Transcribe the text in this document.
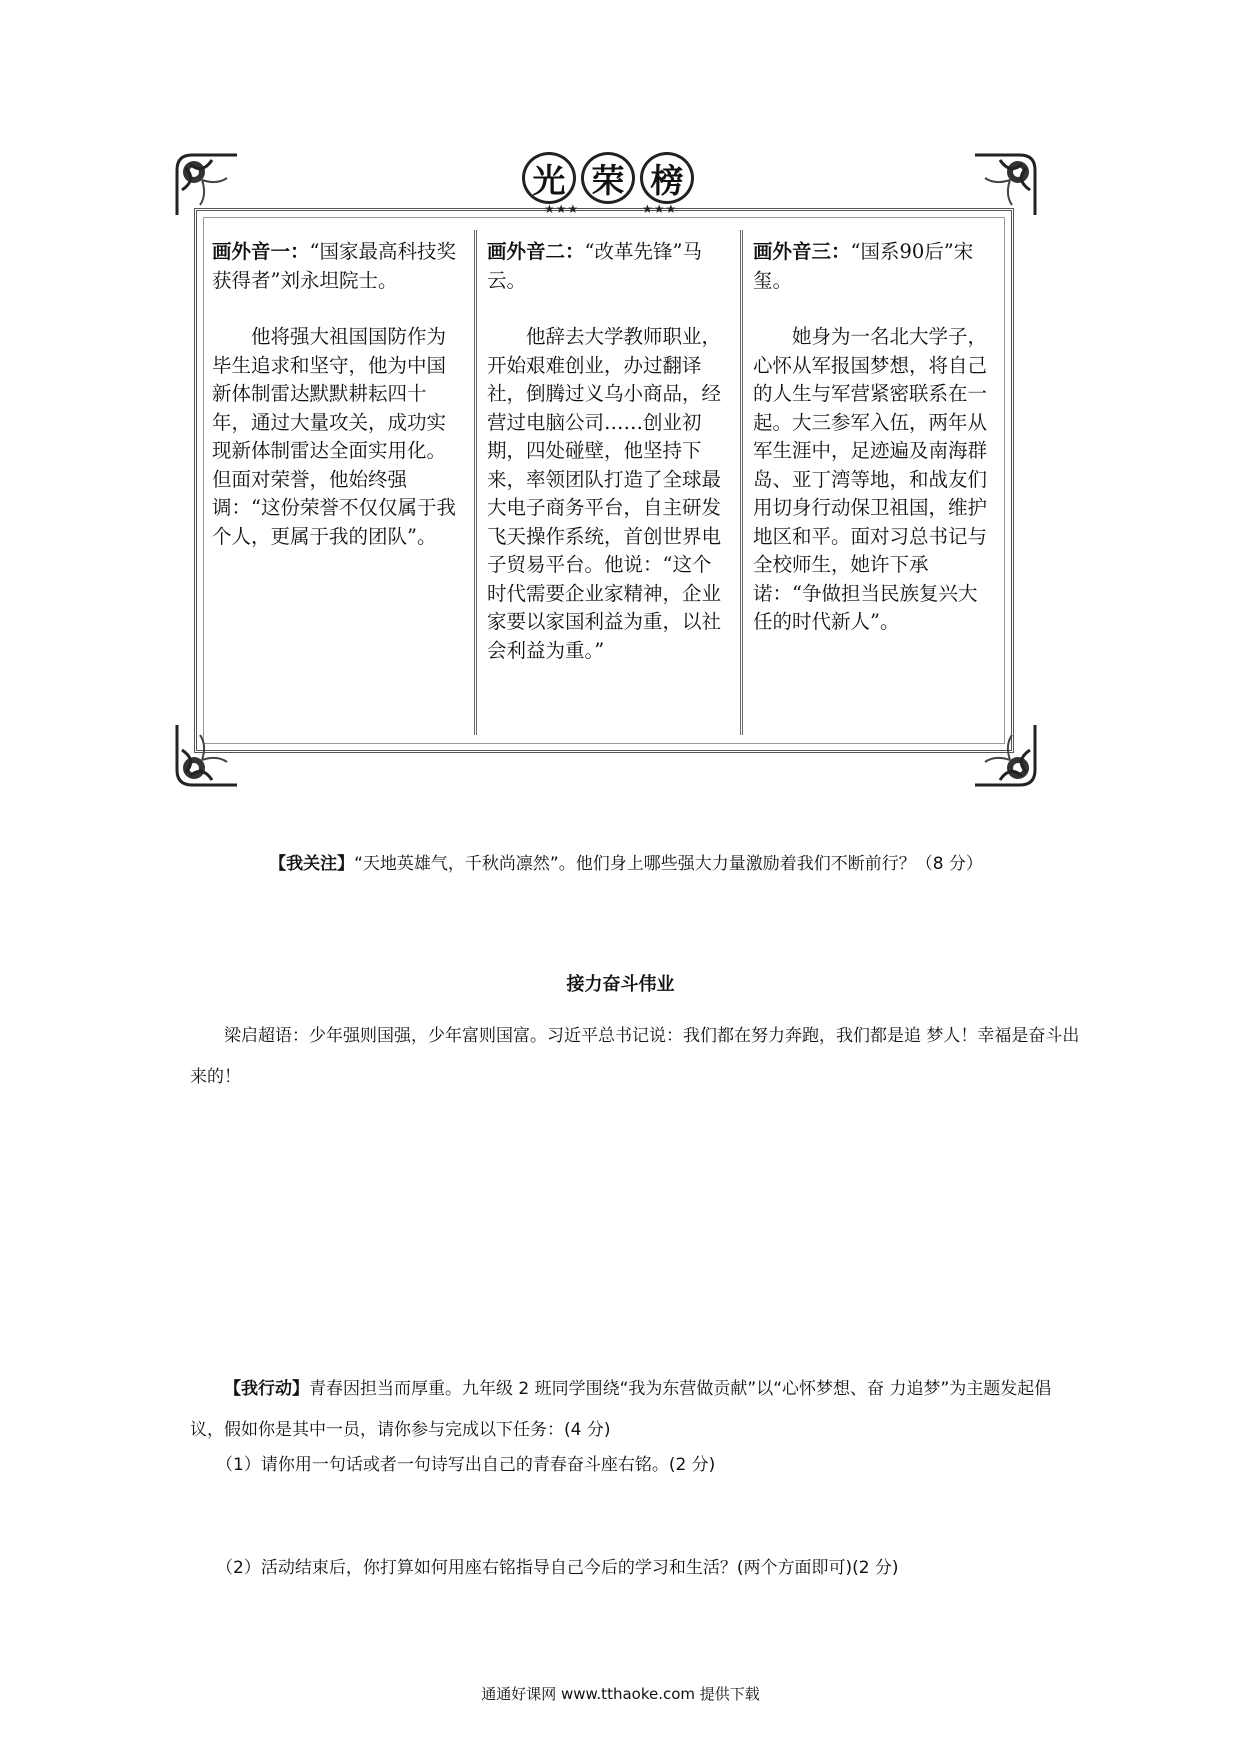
光 荣 榜
★★★	★★★

画外音一：“国家最高科技奖获得者”刘永坦院士。

他将强大祖国国防作为毕生追求和坚守，他为中国新体制雷达默默耕耘四十年，通过大量攻关，成功实现新体制雷达全面实用化。但面对荣誉，他始终强调：“这份荣誉不仅仅属于我个人，更属于我的团队”。

画外音二：“改革先锋”马云。

他辞去大学教师职业，开始艰难创业，办过翻译社，倒腾过义乌小商品，经营过电脑公司……创业初期，四处碰壁，他坚持下来，率领团队打造了全球最大电子商务平台，自主研发飞天操作系统，首创世界电子贸易平台。他说：“这个时代需要企业家精神，企业家要以家国利益为重，以社会利益为重。”

画外音三：“国系90后”宋玺。

她身为一名北大学子， 心怀从军报国梦想，将自己的人生与军营紧密联系在一起。大三参军入伍，两年从军生涯中，足迹遍及南海群岛、亚丁湾等地，和战友们用切身行动保卫祖国，维护地区和平。面对习总书记与全校师生，她许下承诺：“争做担当民族复兴大任的时代新人”。

【我关注】“天地英雄气，千秋尚凛然”。他们身上哪些强大力量激励着我们不断前行？（8 分）
接力奋斗伟业
梁启超语：少年强则国强，少年富则国富。习近平总书记说：我们都在努力奔跑，我们都是追 梦人！幸福是奋斗出来的！
【我行动】青春因担当而厚重。九年级 2 班同学围绕“我为东营做贡献”以“心怀梦想、奋 力追梦”为主题发起倡议，假如你是其中一员，请你参与完成以下任务：(4 分)
（1）请你用一句话或者一句诗写出自己的青春奋斗座右铭。(2 分)
（2）活动结束后，你打算如何用座右铭指导自己今后的学习和生活？(两个方面即可)(2 分)
通通好课网 www.tthaoke.com 提供下载
